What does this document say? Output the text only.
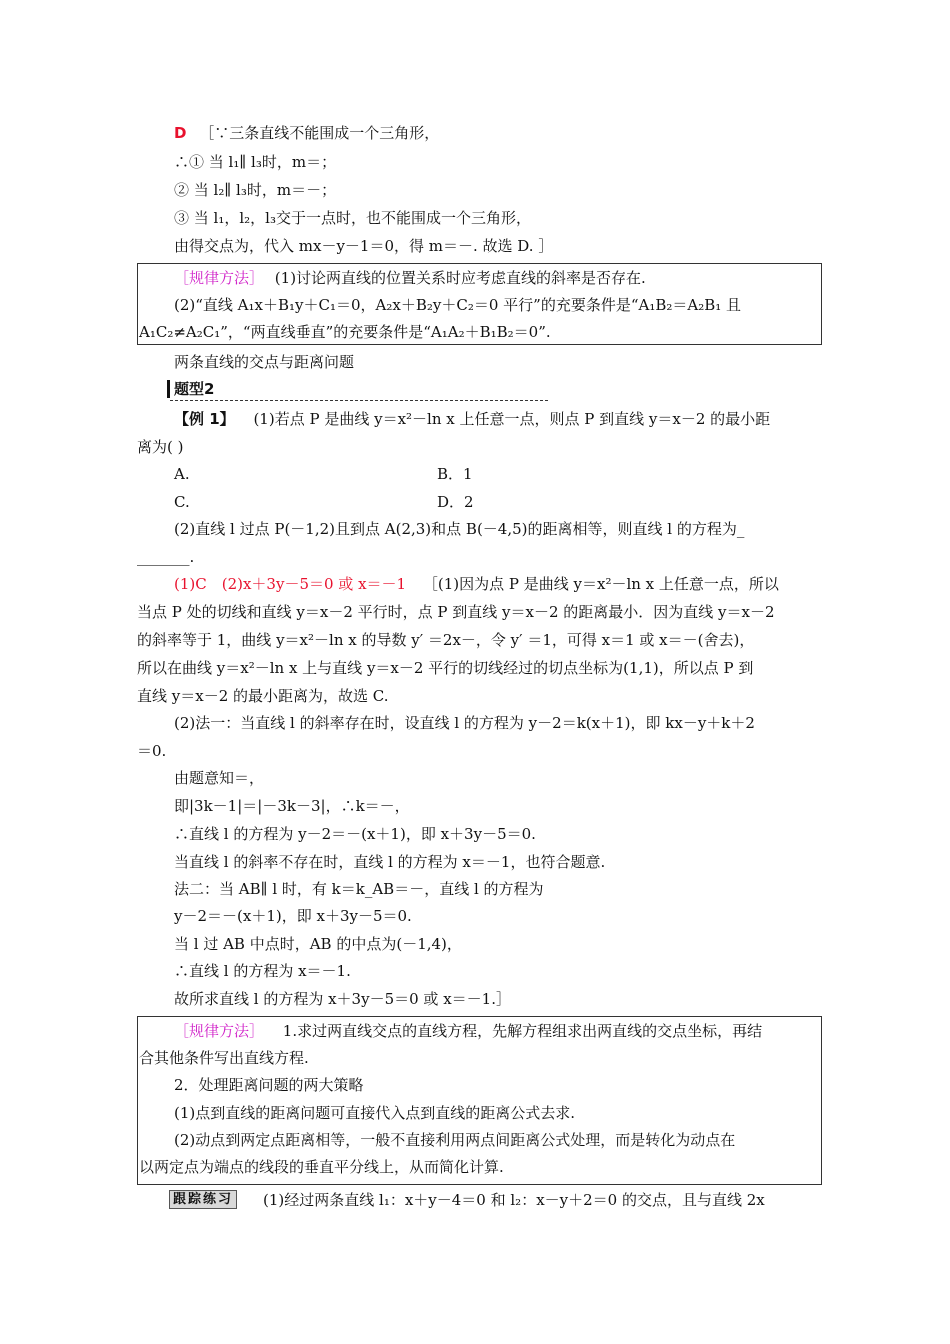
D ［∵三条直线不能围成一个三角形，
∴① 当 l₁∥ l₃时，m＝；
② 当 l₂∥ l₃时，m＝－；
③ 当 l₁，l₂，l₃交于一点时，也不能围成一个三角形，
由得交点为，代入 mx－y－1＝0，得 m＝－. 故选 D. ］
［规律方法］ (1)讨论两直线的位置关系时应考虑直线的斜率是否存在.
(2)“直线 A₁x＋B₁y＋C₁＝0，A₂x＋B₂y＋C₂＝0 平行”的充要条件是“A₁B₂＝A₂B₁ 且
A₁C₂≠A₂C₁”，“两直线垂直”的充要条件是“A₁A₂＋B₁B₂＝0”.
两条直线的交点与距离问题
题型2
【例 1】 (1)若点 P 是曲线 y＝x²－ln x 上任意一点，则点 P 到直线 y＝x－2 的最小距
离为( )
A.	B．1
C.	D．2
(2)直线 l 过点 P(－1,2)且到点 A(2,3)和点 B(－4,5)的距离相等，则直线 l 的方程为_
_______.
(1)C　(2)x＋3y－5＝0 或 x＝－1 ［(1)因为点 P 是曲线 y＝x²－ln x 上任意一点，所以
当点 P 处的切线和直线 y＝x－2 平行时，点 P 到直线 y＝x－2 的距离最小．因为直线 y＝x－2
的斜率等于 1，曲线 y＝x²－ln x 的导数 y′ ＝2x－，令 y′ ＝1，可得 x＝1 或 x＝－(舍去)，
所以在曲线 y＝x²－ln x 上与直线 y＝x－2 平行的切线经过的切点坐标为(1,1)，所以点 P 到
直线 y＝x－2 的最小距离为，故选 C.
(2)法一：当直线 l 的斜率存在时，设直线 l 的方程为 y－2＝k(x＋1)，即 kx－y＋k＋2
＝0.
由题意知＝，
即|3k－1|＝|－3k－3|，∴k＝－，
∴直线 l 的方程为 y－2＝－(x＋1)，即 x＋3y－5＝0.
当直线 l 的斜率不存在时，直线 l 的方程为 x＝－1，也符合题意.
法二：当 AB∥ l 时，有 k＝k_AB＝－，直线 l 的方程为
y－2＝－(x＋1)，即 x＋3y－5＝0.
当 l 过 AB 中点时，AB 的中点为(－1,4)，
∴直线 l 的方程为 x＝－1.
故所求直线 l 的方程为 x＋3y－5＝0 或 x＝－1.］
［规律方法］ 1.求过两直线交点的直线方程，先解方程组求出两直线的交点坐标，再结
合其他条件写出直线方程.
2．处理距离问题的两大策略
(1)点到直线的距离问题可直接代入点到直线的距离公式去求.
(2)动点到两定点距离相等，一般不直接利用两点间距离公式处理，而是转化为动点在
以两定点为端点的线段的垂直平分线上，从而简化计算.
跟踪练习 (1)经过两条直线 l₁：x＋y－4＝0 和 l₂：x－y＋2＝0 的交点，且与直线 2x
